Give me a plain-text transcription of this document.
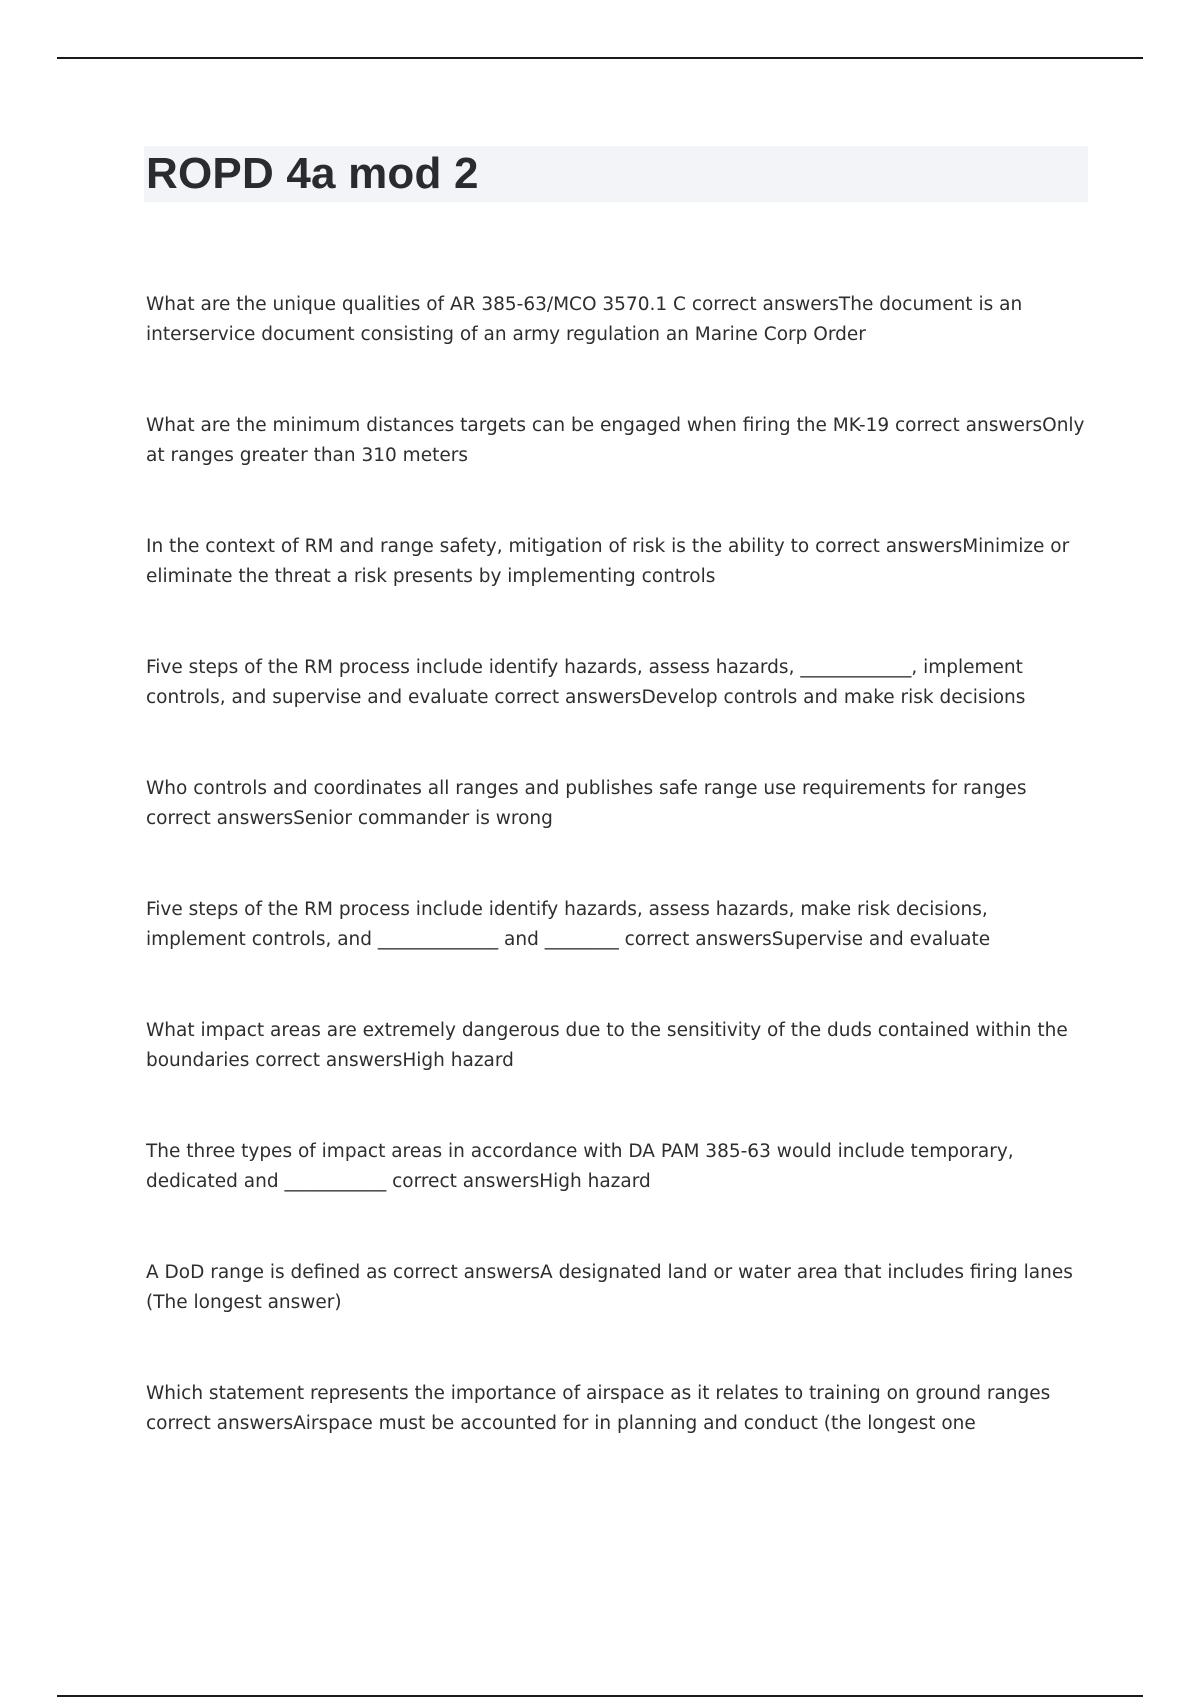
ROPD 4a mod 2
What are the unique qualities of AR 385-63/MCO 3570.1 C correct answersThe document is an interservice document consisting of an army regulation an Marine Corp Order
What are the minimum distances targets can be engaged when firing the MK-19 correct answersOnly at ranges greater than 310 meters
In the context of RM and range safety, mitigation of risk is the ability to correct answersMinimize or eliminate the threat a risk presents by implementing controls
Five steps of the RM process include identify hazards, assess hazards, ____________, implement controls, and supervise and evaluate correct answersDevelop controls and make risk decisions
Who controls and coordinates all ranges and publishes safe range use requirements for ranges correct answersSenior commander is wrong
Five steps of the RM process include identify hazards, assess hazards, make risk decisions, implement controls, and _____________ and ________ correct answersSupervise and evaluate
What impact areas are extremely dangerous due to the sensitivity of the duds contained within the boundaries correct answersHigh hazard
The three types of impact areas in accordance with DA PAM 385-63 would include temporary, dedicated and ___________ correct answersHigh hazard
A DoD range is defined as correct answersA designated land or water area that includes firing lanes (The longest answer)
Which statement represents the importance of airspace as it relates to training on ground ranges correct answersAirspace must be accounted for in planning and conduct (the longest one
